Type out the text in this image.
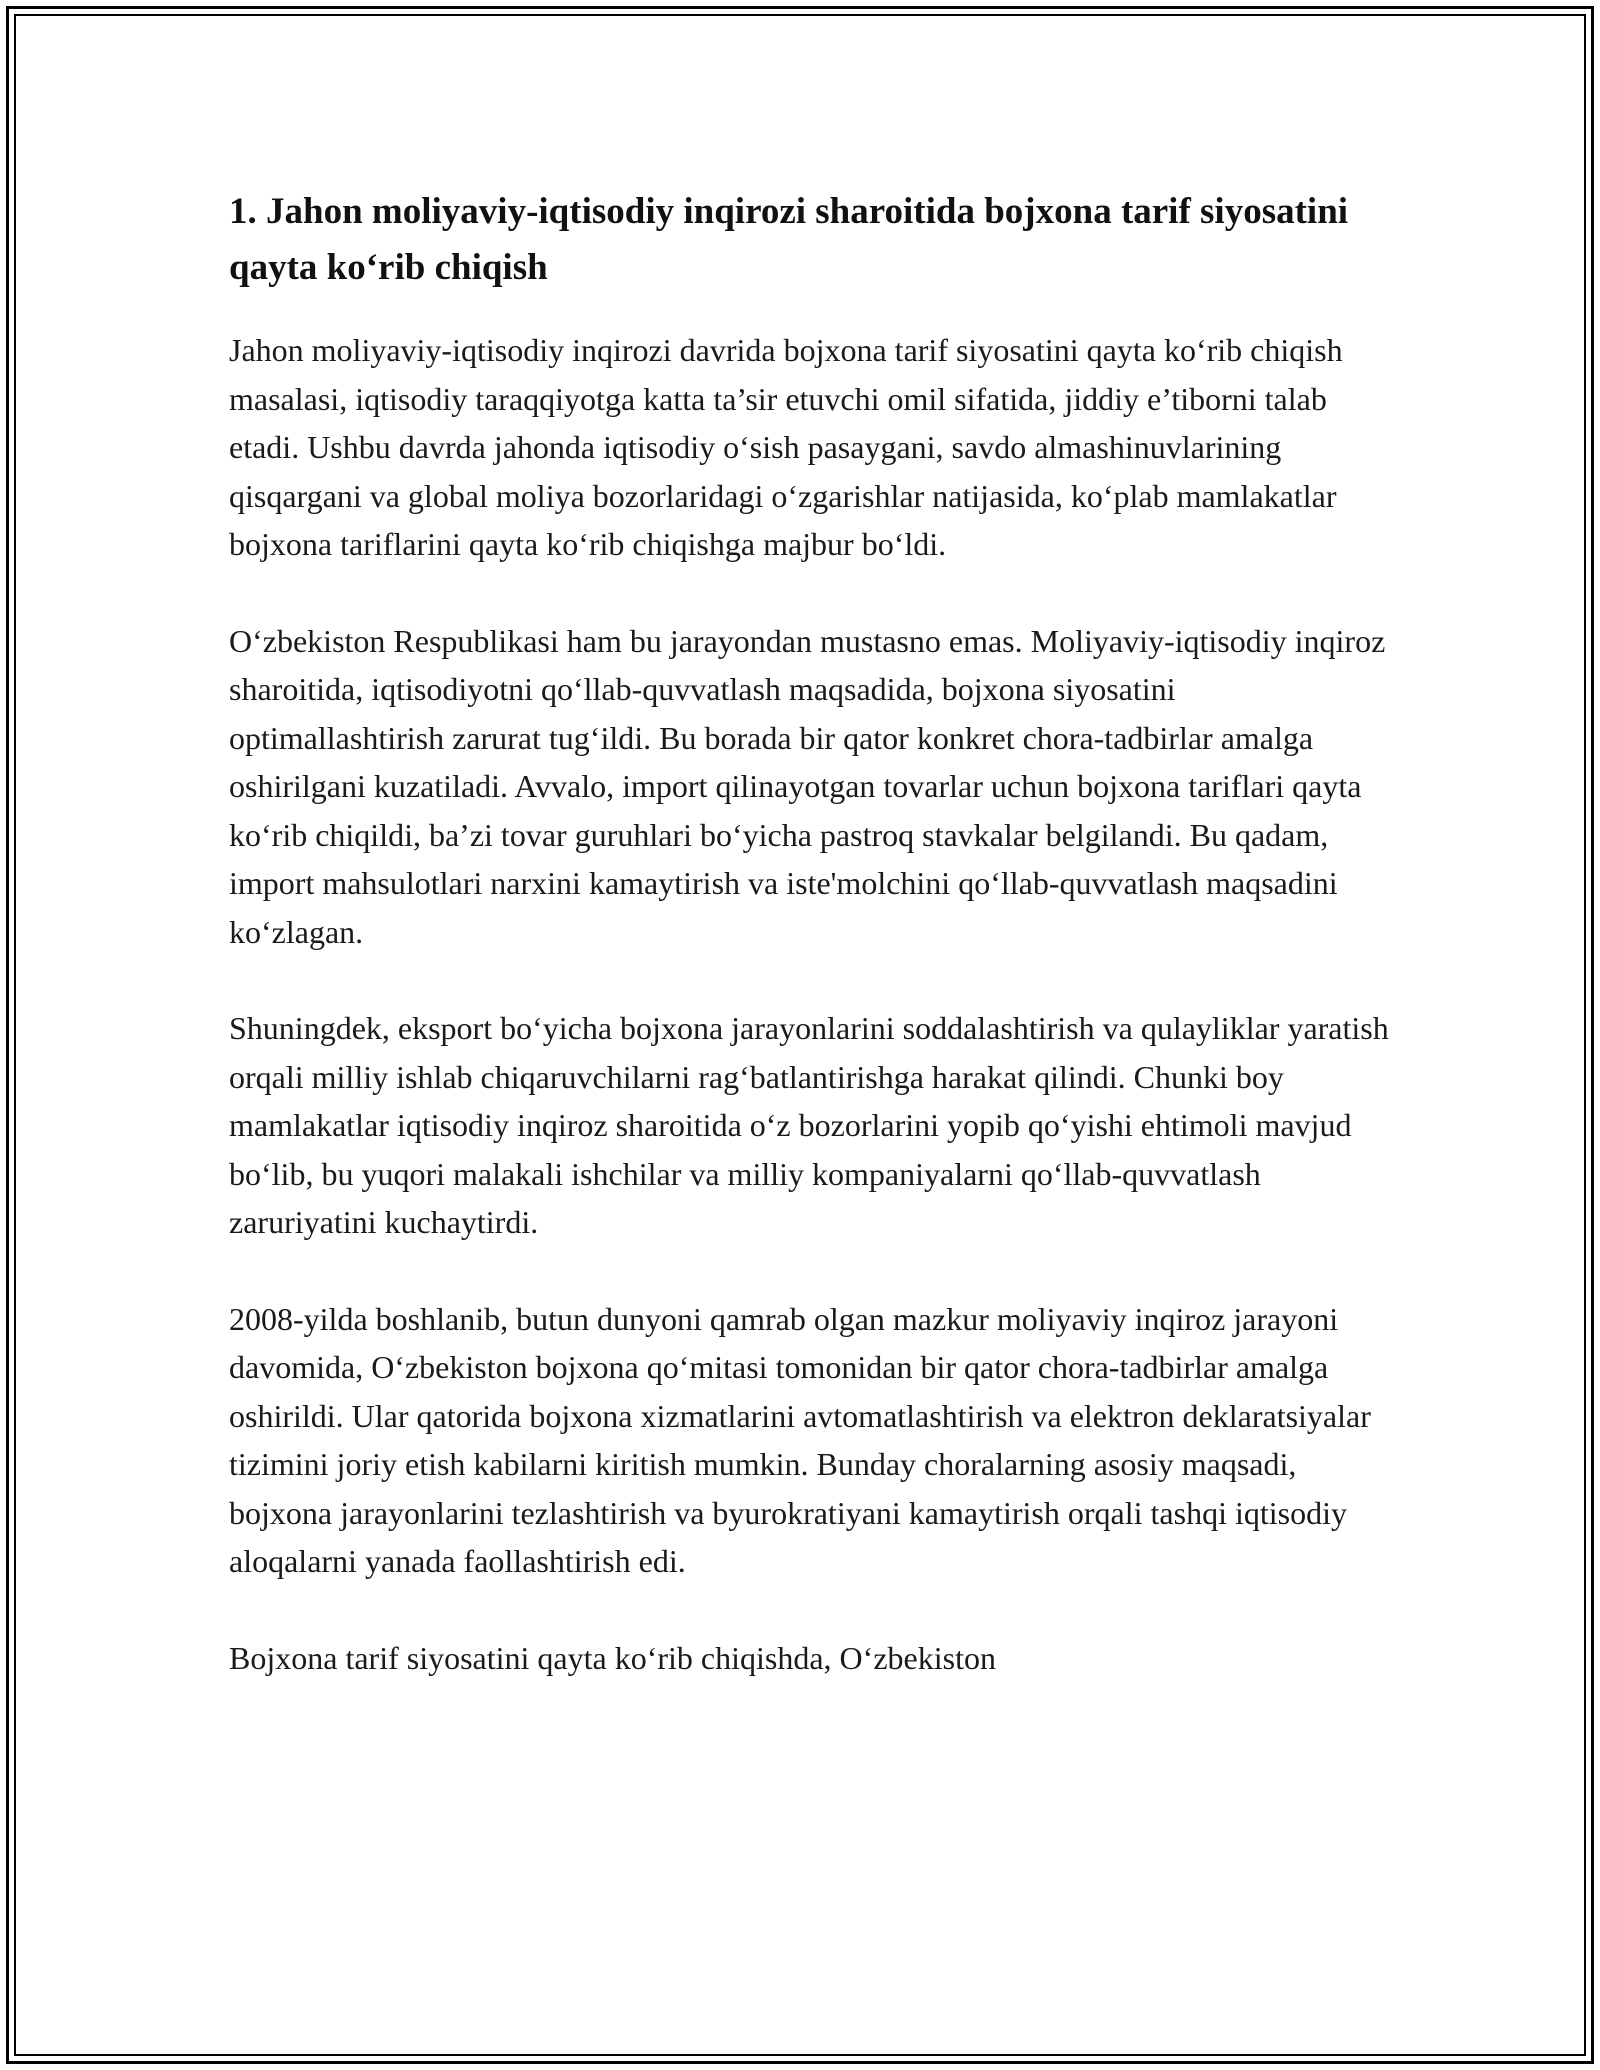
1. Jahon moliyaviy-iqtisodiy inqirozi sharoitida bojxona tarif siyosatini qayta ko‘rib chiqish

Jahon moliyaviy-iqtisodiy inqirozi davrida bojxona tarif siyosatini qayta ko‘rib chiqish masalasi, iqtisodiy taraqqiyotga katta ta’sir etuvchi omil sifatida, jiddiy e’tiborni talab etadi. Ushbu davrda jahonda iqtisodiy o‘sish pasaygani, savdo almashinuvlarining qisqargani va global moliya bozorlaridagi o‘zgarishlar natijasida, ko‘plab mamlakatlar bojxona tariflarini qayta ko‘rib chiqishga majbur bo‘ldi.

O‘zbekiston Respublikasi ham bu jarayondan mustasno emas. Moliyaviy-iqtisodiy inqiroz sharoitida, iqtisodiyotni qo‘llab-quvvatlash maqsadida, bojxona siyosatini optimallashtirish zarurat tug‘ildi. Bu borada bir qator konkret chora-tadbirlar amalga oshirilgani kuzatiladi. Avvalo, import qilinayotgan tovarlar uchun bojxona tariflari qayta ko‘rib chiqildi, ba’zi tovar guruhlari bo‘yicha pastroq stavkalar belgilandi. Bu qadam, import mahsulotlari narxini kamaytirish va iste'molchini qo‘llab-quvvatlash maqsadini ko‘zlagan.

Shuningdek, eksport bo‘yicha bojxona jarayonlarini soddalashtirish va qulayliklar yaratish orqali milliy ishlab chiqaruvchilarni rag‘batlantirishga harakat qilindi. Chunki boy mamlakatlar iqtisodiy inqiroz sharoitida o‘z bozorlarini yopib qo‘yishi ehtimoli mavjud bo‘lib, bu yuqori malakali ishchilar va milliy kompaniyalarni qo‘llab-quvvatlash zaruriyatini kuchaytirdi.

2008-yilda boshlanib, butun dunyoni qamrab olgan mazkur moliyaviy inqiroz jarayoni davomida, O‘zbekiston bojxona qo‘mitasi tomonidan bir qator chora-tadbirlar amalga oshirildi. Ular qatorida bojxona xizmatlarini avtomatlashtirish va elektron deklaratsiyalar tizimini joriy etish kabilarni kiritish mumkin. Bunday choralarning asosiy maqsadi, bojxona jarayonlarini tezlashtirish va byurokratiyani kamaytirish orqali tashqi iqtisodiy aloqalarni yanada faollashtirish edi.

Bojxona tarif siyosatini qayta ko‘rib chiqishda, O‘zbekiston
